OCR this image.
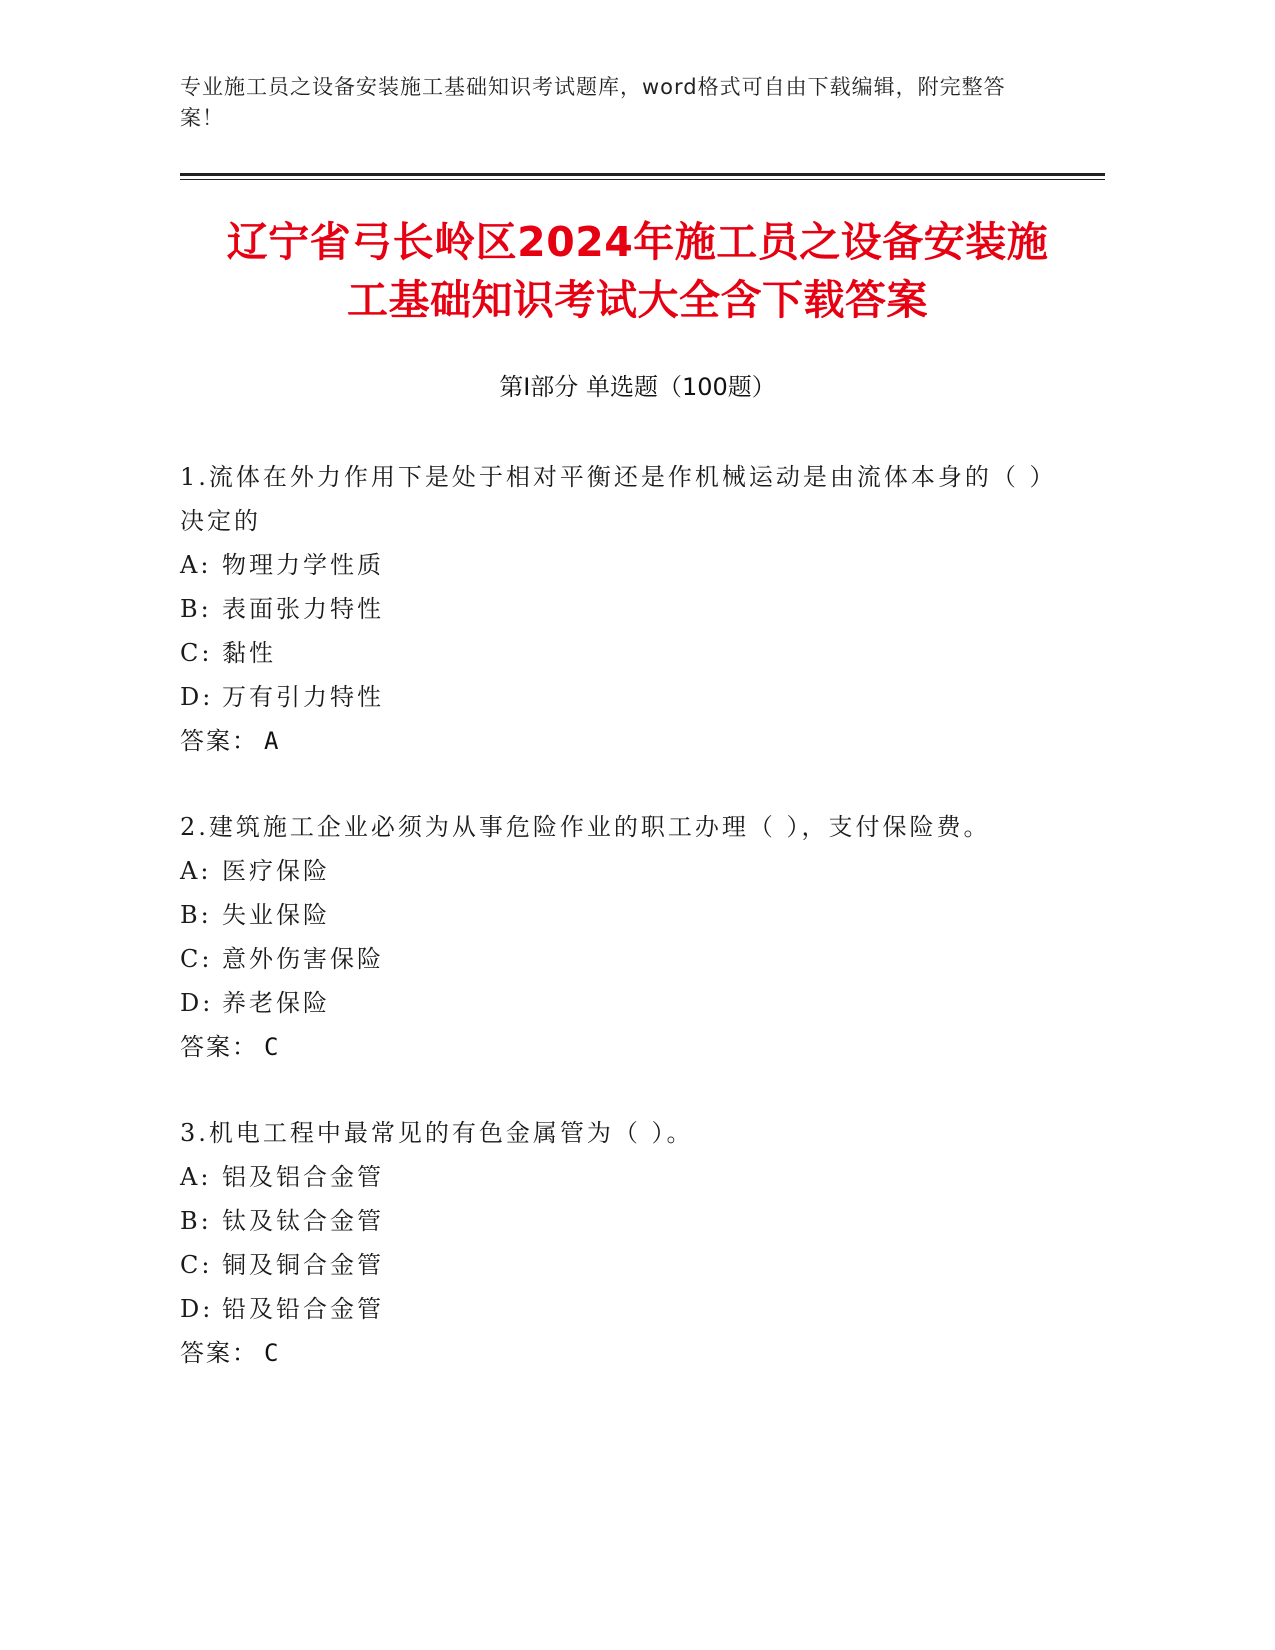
专业施工员之设备安装施工基础知识考试题库，word格式可自由下载编辑，附完整答案！
辽宁省弓长岭区2024年施工员之设备安装施
工基础知识考试大全含下载答案
第Ⅰ部分 单选题（100题）
1.流体在外力作用下是处于相对平衡还是作机械运动是由流体本身的（ ）决定的
A: 物理力学性质
B: 表面张力特性
C: 黏性
D: 万有引力特性
答案： A
2.建筑施工企业必须为从事危险作业的职工办理（ ），支付保险费。
A: 医疗保险
B: 失业保险
C: 意外伤害保险
D: 养老保险
答案： C
3.机电工程中最常见的有色金属管为（ ）。
A: 铝及铝合金管
B: 钛及钛合金管
C: 铜及铜合金管
D: 铅及铅合金管
答案： C
